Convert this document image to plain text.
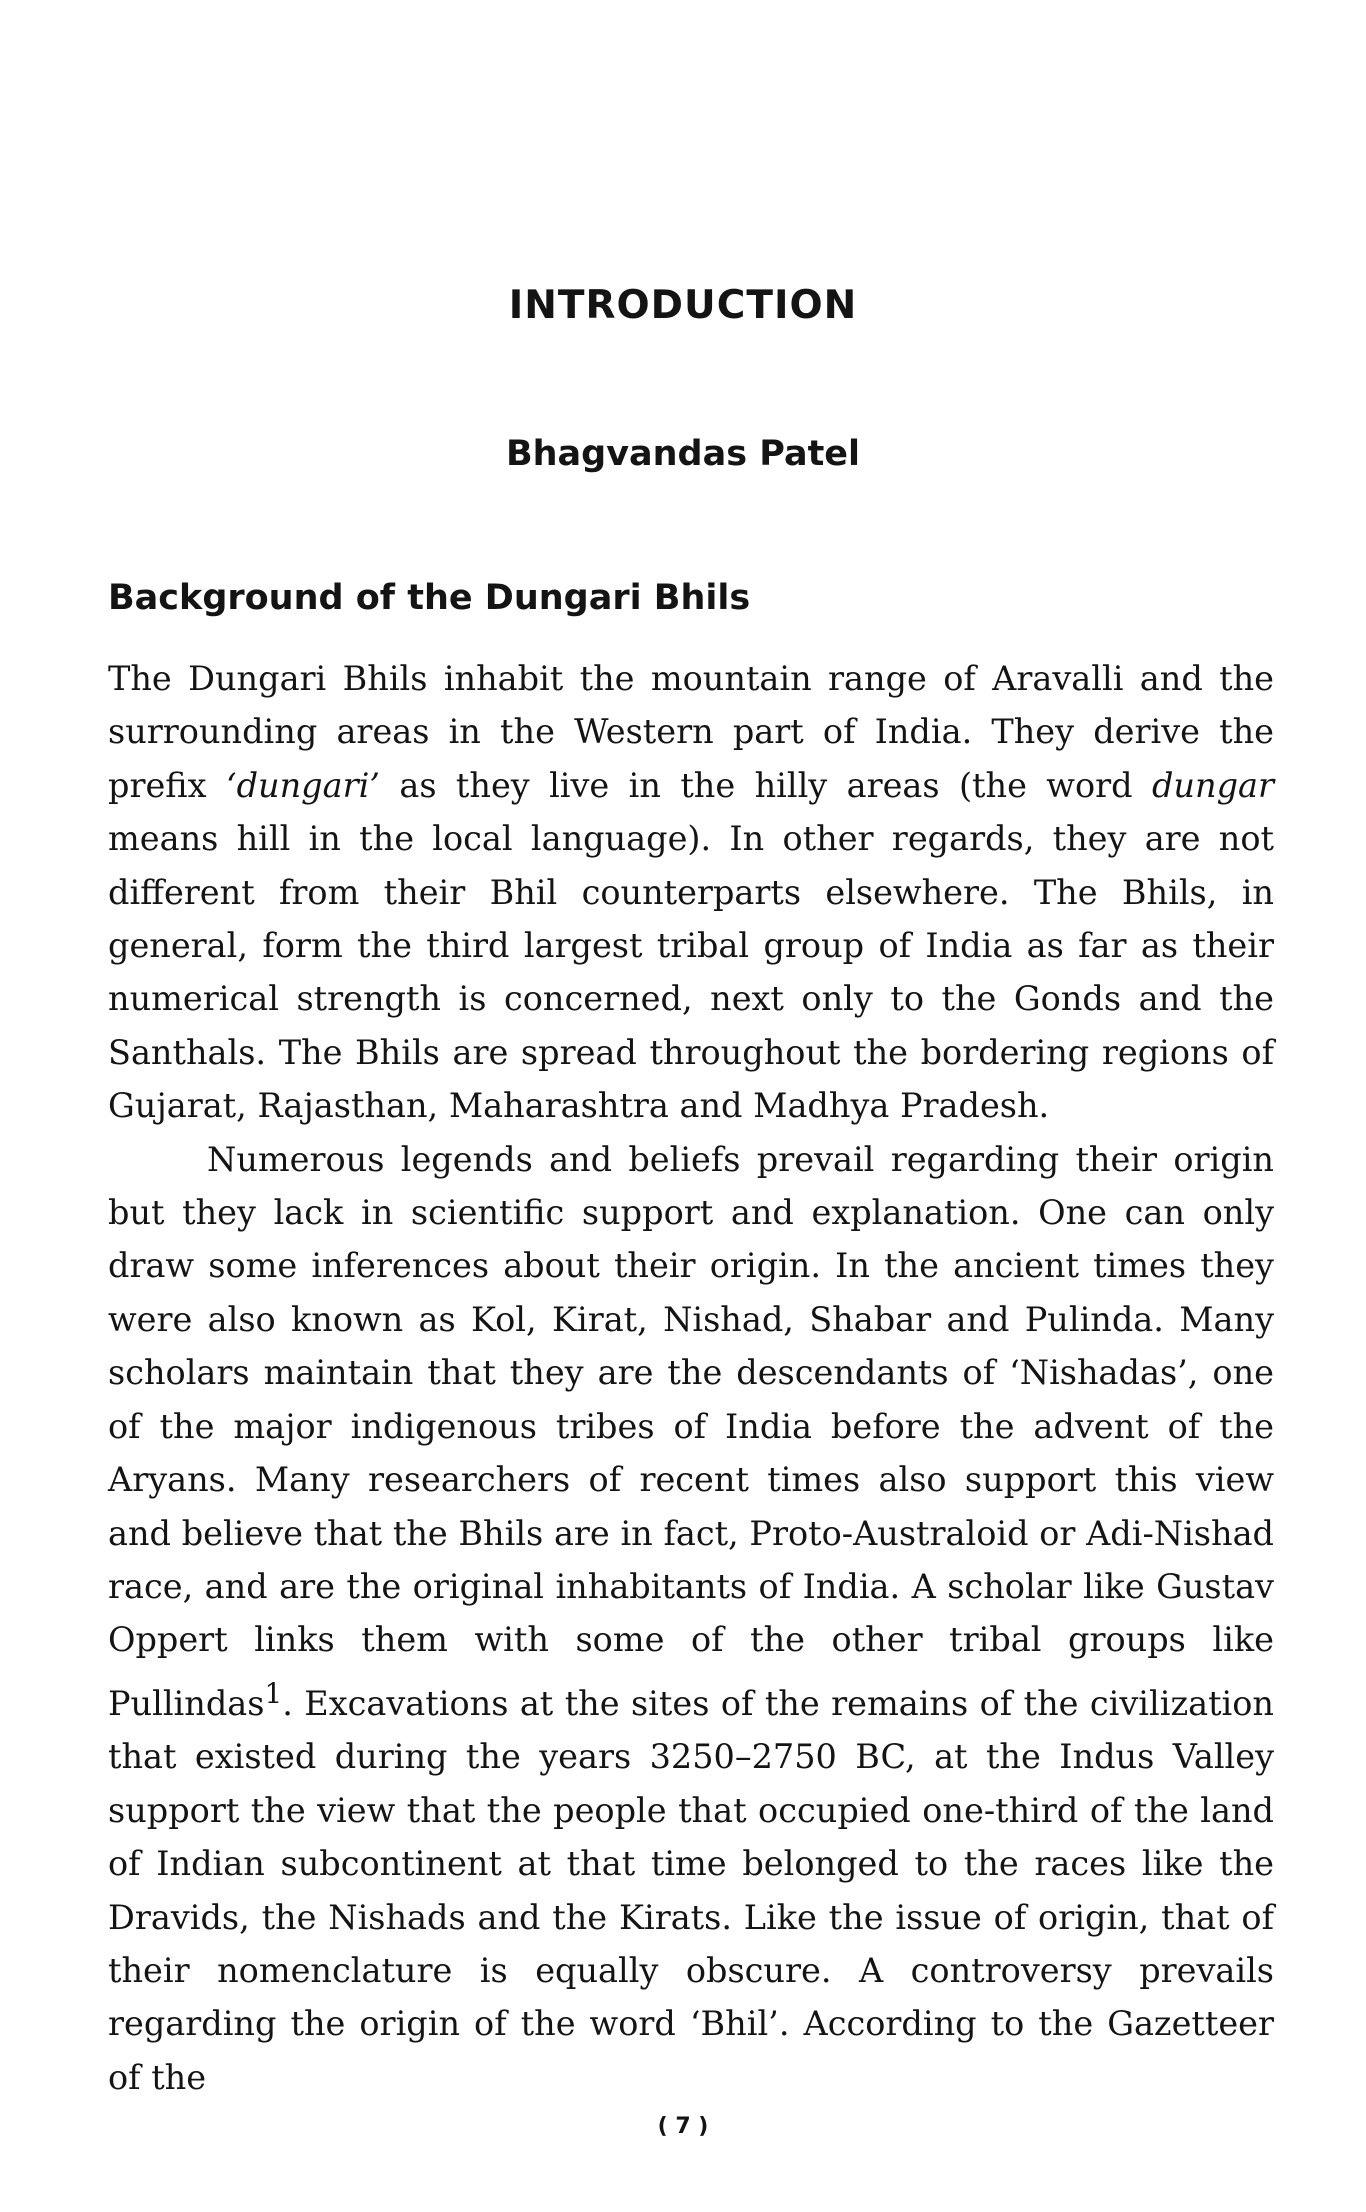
INTRODUCTION
Bhagvandas Patel
Background of the Dungari Bhils

The Dungari Bhils inhabit the mountain range of Aravalli and the surrounding areas in the Western part of India. They derive the prefix ‘dungari’ as they live in the hilly areas (the word dungar means hill in the local language). In other regards, they are not different from their Bhil counterparts elsewhere. The Bhils, in general, form the third largest tribal group of India as far as their numerical strength is concerned, next only to the Gonds and the Santhals. The Bhils are spread throughout the bordering regions of Gujarat, Rajasthan, Maharashtra and Madhya Pradesh.

Numerous legends and beliefs prevail regarding their origin but they lack in scientific support and explanation. One can only draw some inferences about their origin. In the ancient times they were also known as Kol, Kirat, Nishad, Shabar and Pulinda. Many scholars maintain that they are the descendants of ‘Nishadas’, one of the major indigenous tribes of India before the advent of the Aryans. Many researchers of recent times also support this view and believe that the Bhils are in fact, Proto-Australoid or Adi-Nishad race, and are the original inhabitants of India. A scholar like Gustav Oppert links them with some of the other tribal groups like Pullindas$^1$. Excavations at the sites of the remains of the civilization that existed during the years 3250–2750 BC, at the Indus Valley support the view that the people that occupied one-third of the land of Indian subcontinent at that time belonged to the races like the Dravids, the Nishads and the Kirats. Like the issue of origin, that of their nomenclature is equally obscure. A controversy prevails regarding the origin of the word ‘Bhil’. According to the Gazetteer of the

( 7 )
